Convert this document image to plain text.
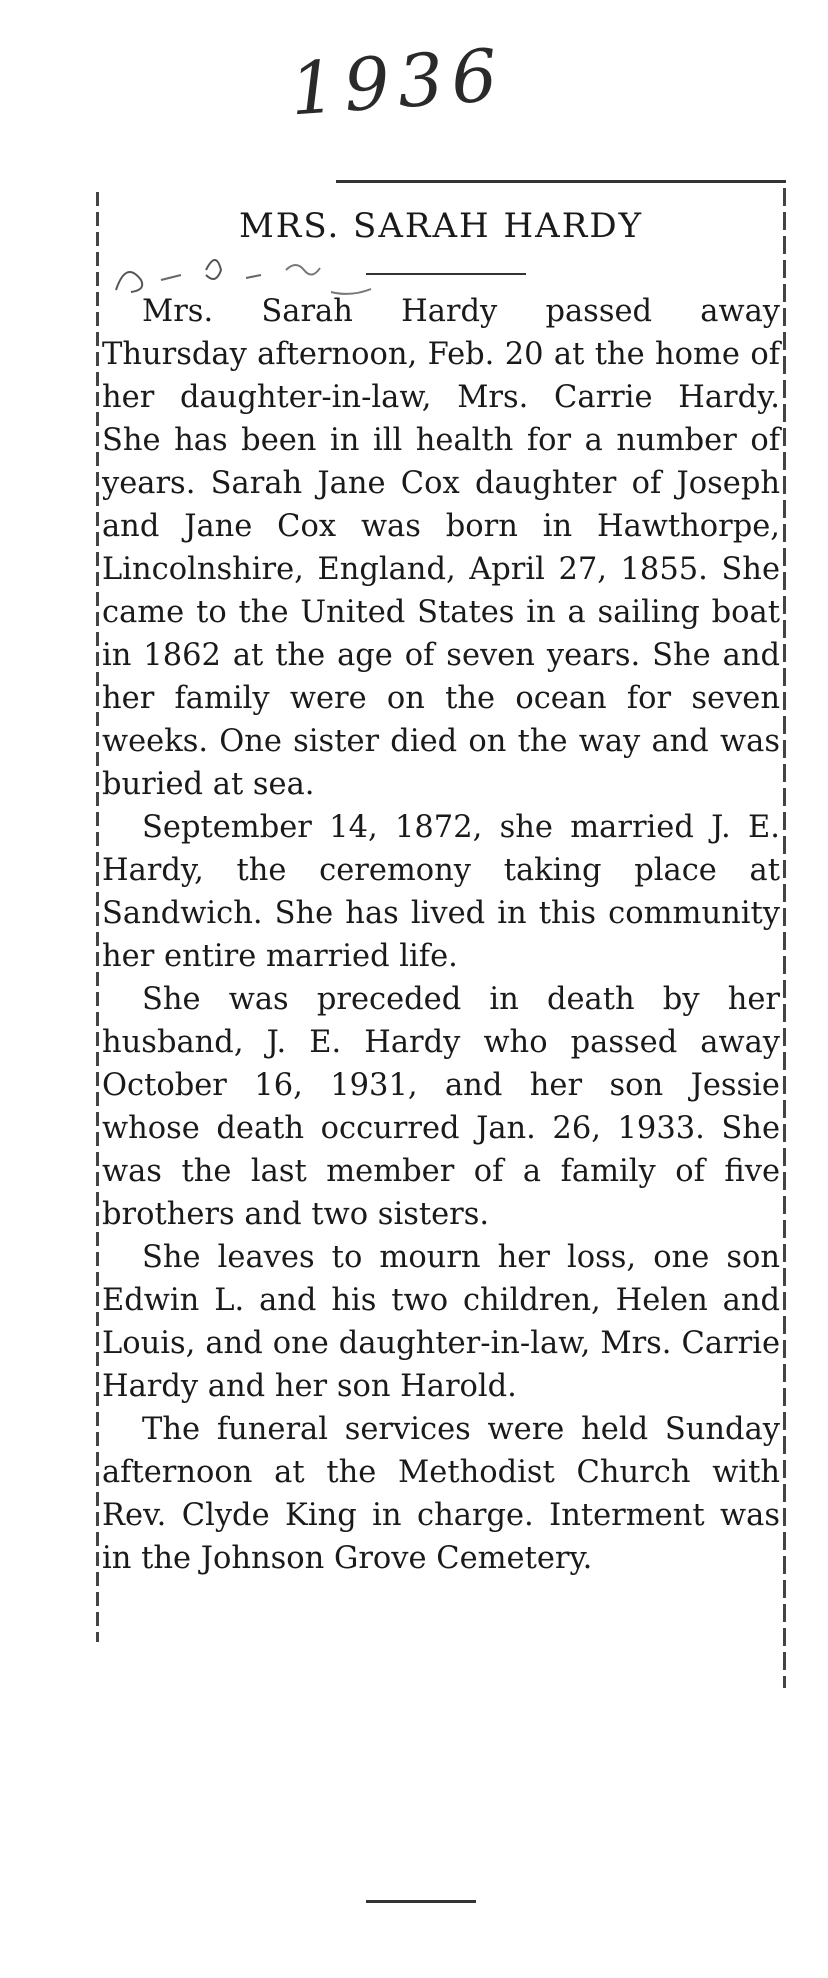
1936
MRS. SARAH HARDY

Mrs. Sarah Hardy passed away Thursday afternoon, Feb. 20 at the home of her daughter-in-law, Mrs. Carrie Hardy. She has been in ill health for a number of years. Sarah Jane Cox daughter of Joseph and Jane Cox was born in Hawthorpe, Lincolnshire, England, April 27, 1855. She came to the United States in a sailing boat in 1862 at the age of seven years. She and her family were on the ocean for seven weeks. One sister died on the way and was buried at sea.

September 14, 1872, she married J. E. Hardy, the ceremony taking place at Sandwich. She has lived in this community her entire married life.

She was preceded in death by her husband, J. E. Hardy who passed away October 16, 1931, and her son Jessie whose death occurred Jan. 26, 1933. She was the last member of a family of five brothers and two sisters.

She leaves to mourn her loss, one son Edwin L. and his two children, Helen and Louis, and one daughter-in-law, Mrs. Carrie Hardy and her son Harold.

The funeral services were held Sunday afternoon at the Methodist Church with Rev. Clyde King in charge. Interment was in the Johnson Grove Cemetery.
